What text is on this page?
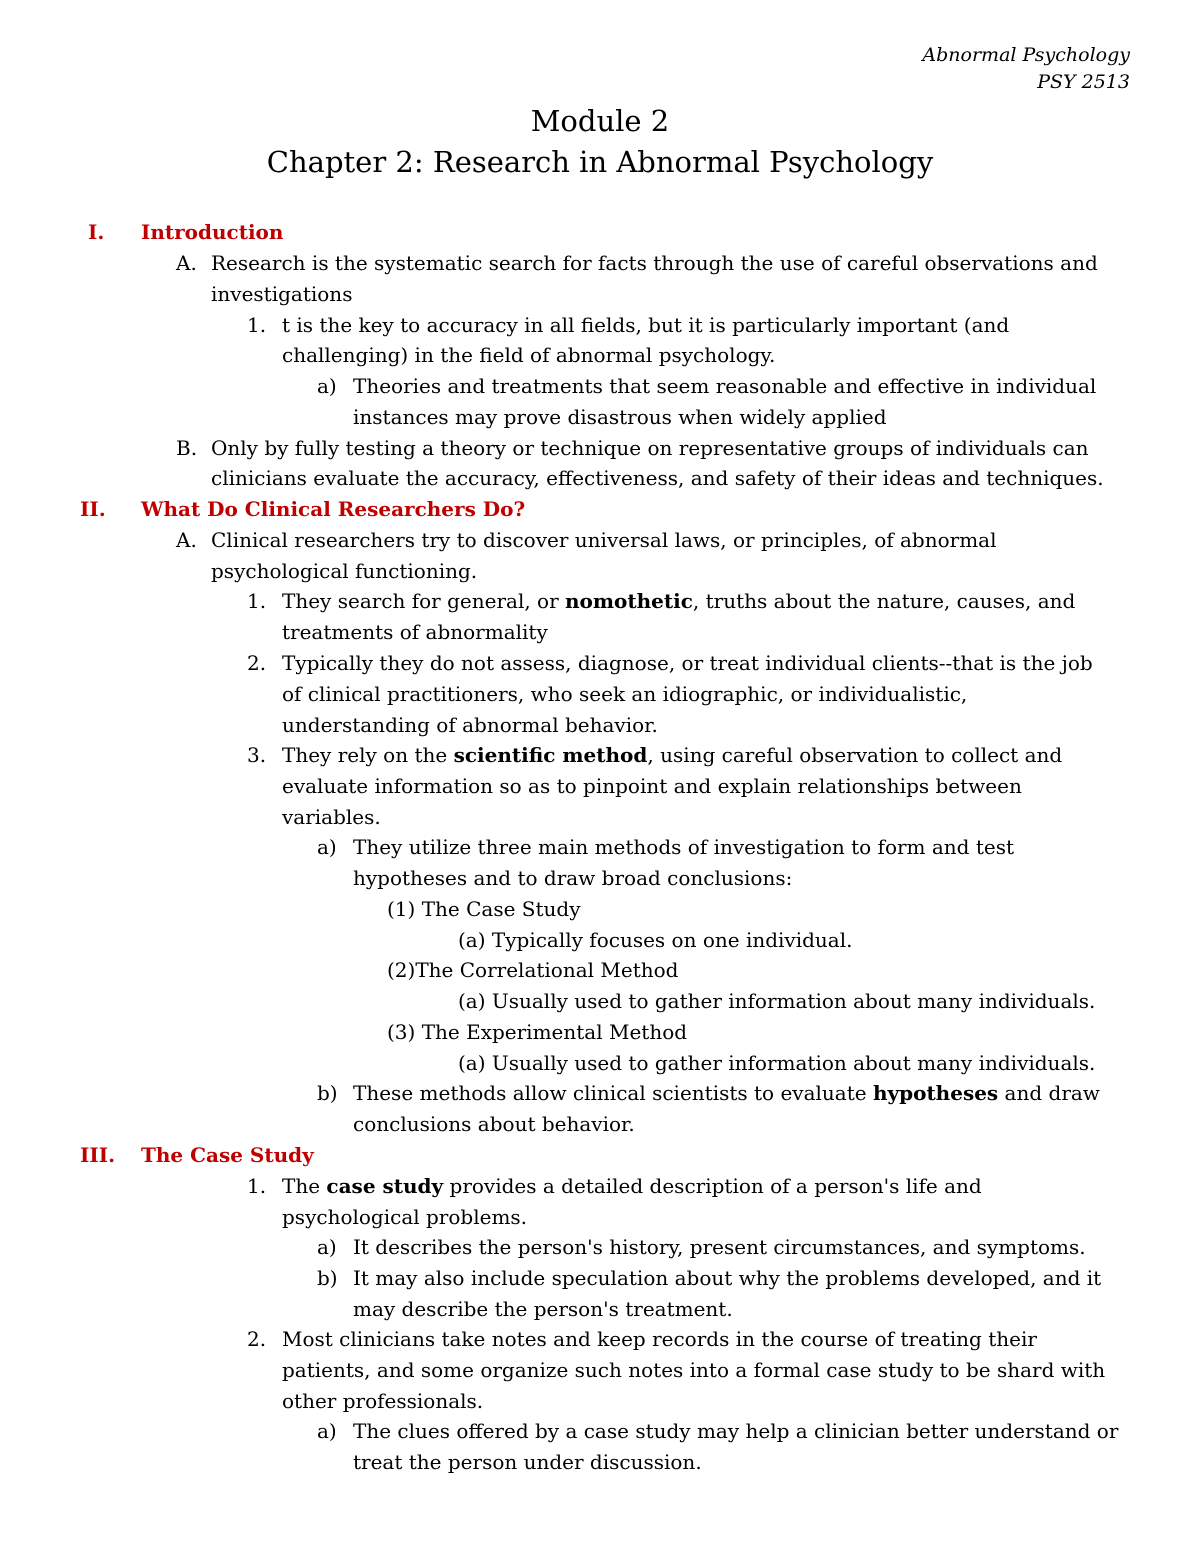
Abnormal Psychology
PSY 2513
Module 2
Chapter 2: Research in Abnormal Psychology
I. Introduction
A. Research is the systematic search for facts through the use of careful observations and
investigations
1. t is the key to accuracy in all fields, but it is particularly important (and
challenging) in the field of abnormal psychology.
a) Theories and treatments that seem reasonable and effective in individual
instances may prove disastrous when widely applied
B. Only by fully testing a theory or technique on representative groups of individuals can
clinicians evaluate the accuracy, effectiveness, and safety of their ideas and techniques.
II. What Do Clinical Researchers Do?
A. Clinical researchers try to discover universal laws, or principles, of abnormal
psychological functioning.
1. They search for general, or nomothetic, truths about the nature, causes, and
treatments of abnormality
2. Typically they do not assess, diagnose, or treat individual clients--that is the job
of clinical practitioners, who seek an idiographic, or individualistic,
understanding of abnormal behavior.
3. They rely on the scientific method, using careful observation to collect and
evaluate information so as to pinpoint and explain relationships between
variables.
a) They utilize three main methods of investigation to form and test
hypotheses and to draw broad conclusions:
(1) The Case Study
(a) Typically focuses on one individual.
(2)The Correlational Method
(a) Usually used to gather information about many individuals.
(3) The Experimental Method
(a) Usually used to gather information about many individuals.
b) These methods allow clinical scientists to evaluate hypotheses and draw
conclusions about behavior.
III. The Case Study
1. The case study provides a detailed description of a person's life and
psychological problems.
a) It describes the person's history, present circumstances, and symptoms.
b) It may also include speculation about why the problems developed, and it
may describe the person's treatment.
2. Most clinicians take notes and keep records in the course of treating their
patients, and some organize such notes into a formal case study to be shard with
other professionals.
a) The clues offered by a case study may help a clinician better understand or
treat the person under discussion.
